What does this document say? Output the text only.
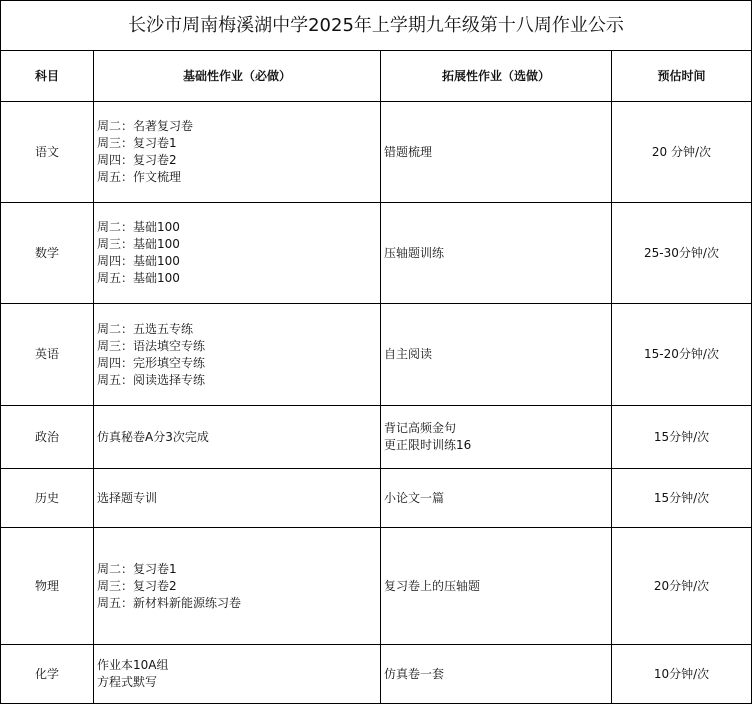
长沙市周南梅溪湖中学2025年上学期九年级第十八周作业公示			
科目	基础性作业（必做）	拓展性作业（选做）	预估时间
语文	周二：名著复习卷
周三：复习卷1
周四：复习卷2
周五：作文梳理	错题梳理	20 分钟/次
数学	周二：基础100
周三：基础100
周四：基础100
周五：基础100	压轴题训练	25-30分钟/次
英语	周二：五选五专练
周三：语法填空专练
周四：完形填空专练
周五：阅读选择专练	自主阅读	15-20分钟/次
政治	仿真秘卷A分3次完成	背记高频金句
更正限时训练16	15分钟/次
历史	选择题专训	小论文一篇	15分钟/次
物理	周二：复习卷1
周三：复习卷2
周五：新材料新能源练习卷	复习卷上的压轴题	20分钟/次
化学	作业本10A组
方程式默写	仿真卷一套	10分钟/次
